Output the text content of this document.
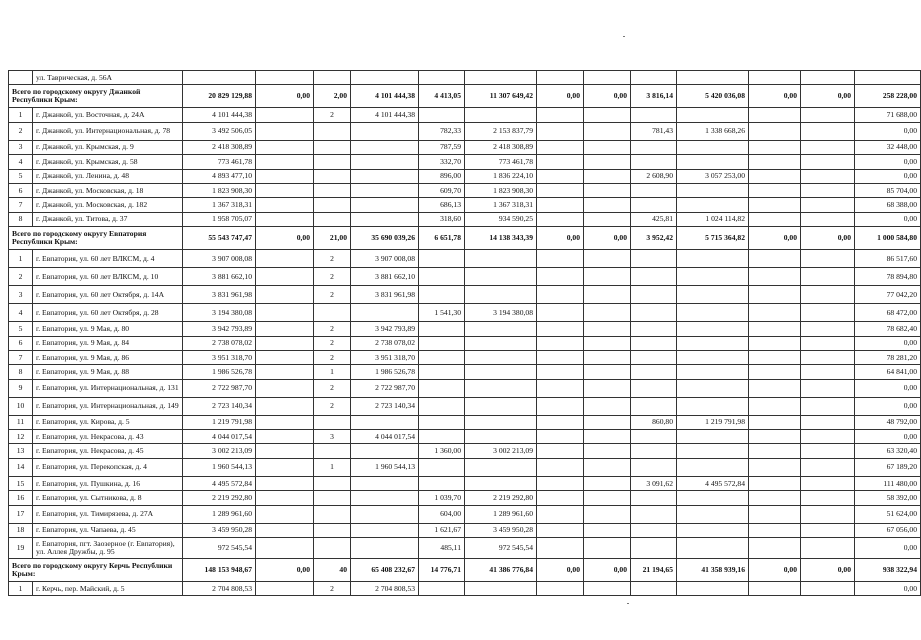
	ул. Таврическая, д. 56А													
Всего по городскому округу Джанкой Республики Крым:		20 829 129,88	0,00	2,00	4 101 444,38	4 413,05	11 307 649,42	0,00	0,00	3 816,14	5 420 036,08	0,00	0,00	258 228,00
1	г. Джанкой, ул. Восточная, д. 24А	4 101 444,38		2	4 101 444,38									71 688,00
2	г. Джанкой, ул. Интернациональная, д. 78	3 492 506,05				782,33	2 153 837,79			781,43	1 338 668,26			0,00
3	г. Джанкой, ул. Крымская, д. 9	2 418 308,89				787,59	2 418 308,89							32 448,00
4	г. Джанкой, ул. Крымская, д. 58	773 461,78				332,70	773 461,78							0,00
5	г. Джанкой, ул. Ленина, д. 48	4 893 477,10				896,00	1 836 224,10			2 608,90	3 057 253,00			0,00
6	г. Джанкой, ул. Московская, д. 18	1 823 908,30				609,70	1 823 908,30							85 704,00
7	г. Джанкой, ул. Московская, д. 182	1 367 318,31				686,13	1 367 318,31							68 388,00
8	г. Джанкой, ул. Титова, д. 37	1 958 705,07				318,60	934 590,25			425,81	1 024 114,82			0,00
Всего по городскому округу Евпатория Республики Крым:		55 543 747,47	0,00	21,00	35 690 039,26	6 651,78	14 138 343,39	0,00	0,00	3 952,42	5 715 364,82	0,00	0,00	1 000 584,80
1	г. Евпатория, ул. 60 лет ВЛКСМ, д. 4	3 907 008,08		2	3 907 008,08									86 517,60
2	г. Евпатория, ул. 60 лет ВЛКСМ, д. 10	3 881 662,10		2	3 881 662,10									78 894,80
3	г. Евпатория, ул. 60 лет Октября, д. 14А	3 831 961,98		2	3 831 961,98									77 042,20
4	г. Евпатория, ул. 60 лет Октября, д. 28	3 194 380,08				1 541,30	3 194 380,08							68 472,00
5	г. Евпатория, ул. 9 Мая, д. 80	3 942 793,89		2	3 942 793,89									78 682,40
6	г. Евпатория, ул. 9 Мая, д. 84	2 738 078,02		2	2 738 078,02									0,00
7	г. Евпатория, ул. 9 Мая, д. 86	3 951 318,70		2	3 951 318,70									78 281,20
8	г. Евпатория, ул. 9 Мая, д. 88	1 986 526,78		1	1 986 526,78									64 841,00
9	г. Евпатория, ул. Интернациональная, д. 131	2 722 987,70		2	2 722 987,70									0,00
10	г. Евпатория, ул. Интернациональная, д. 149	2 723 140,34		2	2 723 140,34									0,00
11	г. Евпатория, ул. Кирова, д. 5	1 219 791,98								860,80	1 219 791,98			48 792,00
12	г. Евпатория, ул. Некрасова, д. 43	4 044 017,54		3	4 044 017,54									0,00
13	г. Евпатория, ул. Некрасова, д. 45	3 002 213,09				1 360,00	3 002 213,09							63 320,40
14	г. Евпатория, ул. Перекопская, д. 4	1 960 544,13		1	1 960 544,13									67 189,20
15	г. Евпатория, ул. Пушкина, д. 16	4 495 572,84								3 091,62	4 495 572,84			111 480,00
16	г. Евпатория, ул. Сытникова, д. 8	2 219 292,80				1 039,70	2 219 292,80							58 392,00
17	г. Евпатория, ул. Тимирязева, д. 27А	1 289 961,60				604,00	1 289 961,60							51 624,00
18	г. Евпатория, ул. Чапаева, д. 45	3 459 950,28				1 621,67	3 459 950,28							67 056,00
19	г. Евпатория, пгт. Заозерное (г. Евпатория), ул. Аллея Дружбы, д. 95	972 545,54				485,11	972 545,54							0,00
Всего по городскому округу Керчь Республики Крым:		148 153 948,67	0,00	40	65 408 232,67	14 776,71	41 386 776,84	0,00	0,00	21 194,65	41 358 939,16	0,00	0,00	938 322,94
1	г. Керчь, пер. Майский, д. 5	2 704 808,53		2	2 704 808,53									0,00
